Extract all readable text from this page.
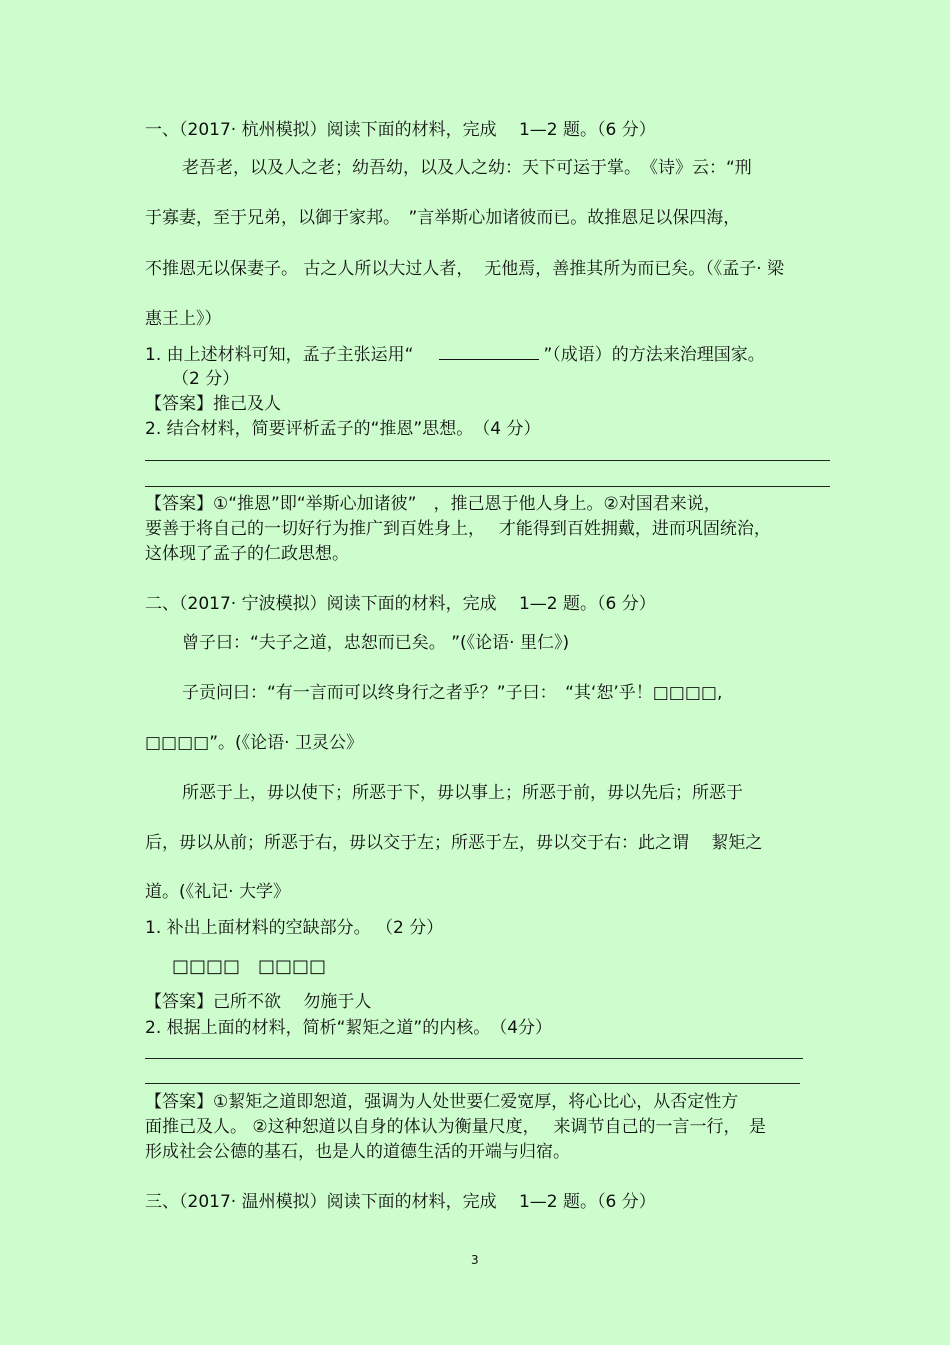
一、（2017· 杭州模拟）阅读下面的材料，完成　 1—2 题。（6 分）
老吾老，以及人之老；幼吾幼，以及人之幼：天下可运于掌。　《诗》云：“刑
于寡妻，至于兄弟，以御于家邦。　”言举斯心加诸彼而已。故推恩足以保四海，
不推恩无以保妻子。 古之人所以大过人者，  无他焉，善推其所为而已矣。（《孟子· 梁
惠王上》）
1. 由上述材料可知，孟子主张运用“	”（成语）的方法来治理国家。
（2 分）
【答案】推己及人
2. 结合材料，简要评析孟子的“推恩”思想。　（4 分）
【答案】①“推恩”即“举斯心加诸彼”　，推己恩于他人身上。②对国君来说，
要善于将自己的一切好行为推广到百姓身上，　 才能得到百姓拥戴，进而巩固统治，
这体现了孟子的仁政思想。
二、（2017· 宁波模拟）阅读下面的材料，完成　 1—2 题。（6 分）
曾子曰：“夫子之道，忠恕而已矣。 ”(《论语· 里仁》)
子贡问曰：“有一言而可以终身行之者乎？”子曰：　“其‘恕’乎！□□□□,
□□□□”。(《论语· 卫灵公》
所恶于上，毋以使下；所恶于下，毋以事上；所恶于前，毋以先后；所恶于
后，毋以从前；所恶于右，毋以交于左；所恶于左，毋以交于右：此之谓　 絜矩之
道。(《礼记· 大学》
1. 补出上面材料的空缺部分。 （2 分）
□□□□　□□□□
【答案】己所不欲　 勿施于人
2. 根据上面的材料，简析“絜矩之道”的内核。　（4分）
【答案】①絜矩之道即恕道，强调为人处世要仁爱宽厚，将心比心，从否定性方
面推己及人。 ②这种恕道以自身的体认为衡量尺度，　 来调节自己的一言一行，　是
形成社会公德的基石，也是人的道德生活的开端与归宿。
三、（2017· 温州模拟）阅读下面的材料，完成　 1—2 题。（6 分）
3
